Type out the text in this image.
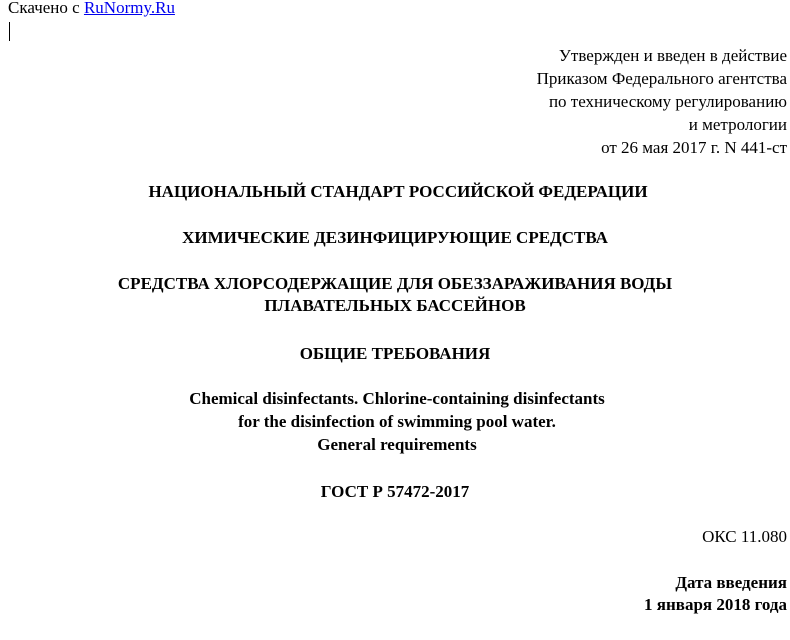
Скачено с RuNormy.Ru
Утвержден и введен в действие
Приказом Федерального агентства
по техническому регулированию
и метрологии
от 26 мая 2017 г. N 441-ст
НАЦИОНАЛЬНЫЙ СТАНДАРТ РОССИЙСКОЙ ФЕДЕРАЦИИ
ХИМИЧЕСКИЕ ДЕЗИНФИЦИРУЮЩИЕ СРЕДСТВА
СРЕДСТВА ХЛОРСОДЕРЖАЩИЕ ДЛЯ ОБЕЗЗАРАЖИВАНИЯ ВОДЫ
ПЛАВАТЕЛЬНЫХ БАССЕЙНОВ
ОБЩИЕ ТРЕБОВАНИЯ
Chemical disinfectants. Chlorine-containing disinfectants
for the disinfection of swimming pool water.
General requirements
ГОСТ Р 57472-2017
ОКС 11.080
Дата введения
1 января 2018 года
